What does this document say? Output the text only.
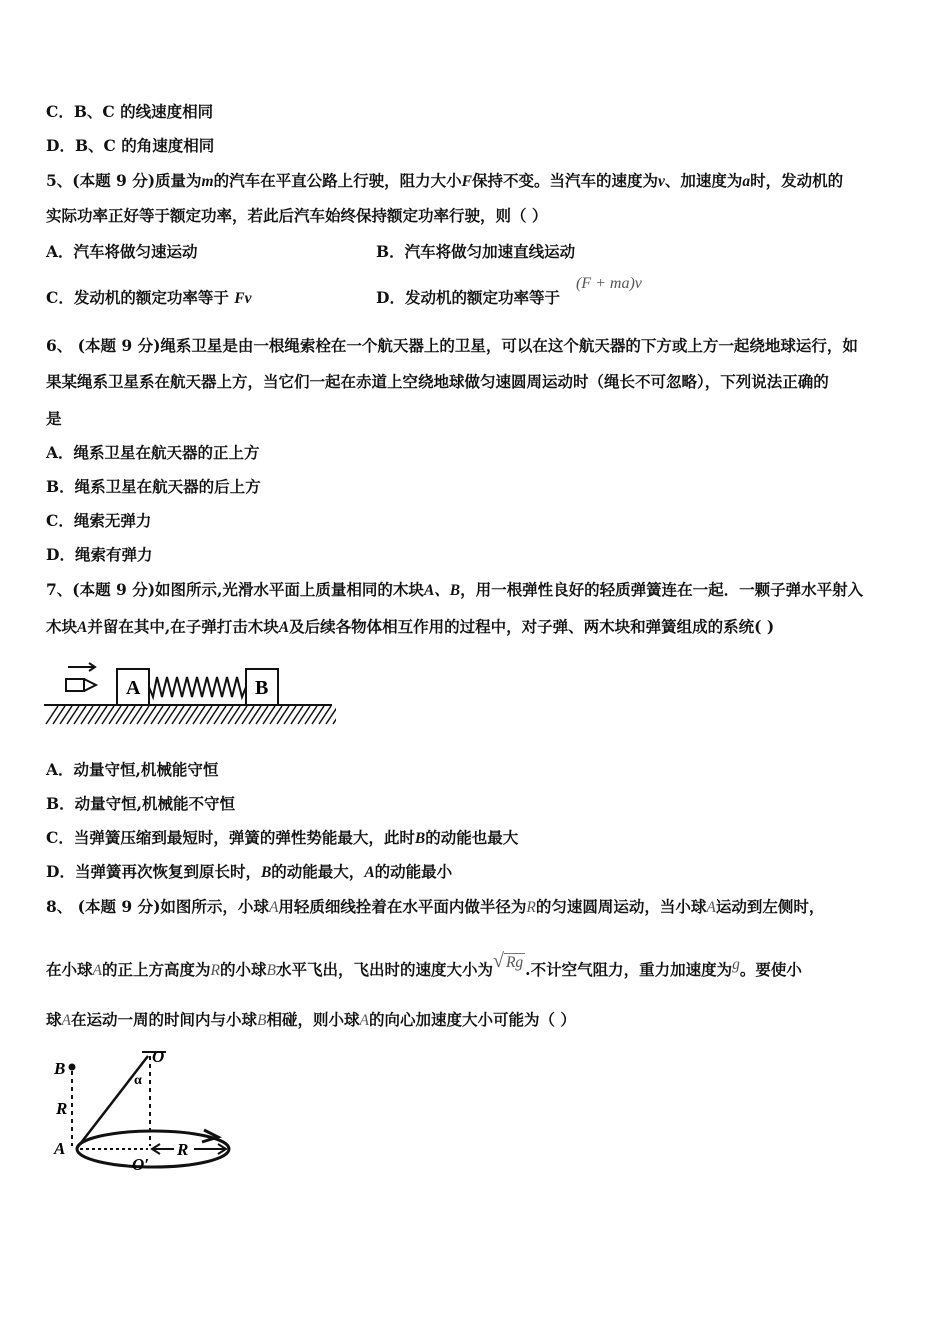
C．B、C 的线速度相同
D．B、C 的角速度相同
5、(本题 9 分)质量为m的汽车在平直公路上行驶，阻力大小F保持不变。当汽车的速度为v、加速度为a时，发动机的
实际功率正好等于额定功率，若此后汽车始终保持额定功率行驶，则（ ）
A．汽车将做匀速运动	B．汽车将做匀加速直线运动
C．发动机的额定功率等于 Fv	D．发动机的额定功率等于
(F + ma)v
6、 (本题 9 分)绳系卫星是由一根绳索栓在一个航天器上的卫星，可以在这个航天器的下方或上方一起绕地球运行，如
果某绳系卫星系在航天器上方，当它们一起在赤道上空绕地球做匀速圆周运动时（绳长不可忽略），下列说法正确的
是
A．绳系卫星在航天器的正上方
B．绳系卫星在航天器的后上方
C．绳索无弹力
D．绳索有弹力
7、(本题 9 分)如图所示,光滑水平面上质量相同的木块A、B，用一根弹性良好的轻质弹簧连在一起．一颗子弹水平射入
木块A并留在其中,在子弹打击木块A及后续各物体相互作用的过程中，对子弹、两木块和弹簧组成的系统( )
A	B
A．动量守恒,机械能守恒
B．动量守恒,机械能不守恒
C．当弹簧压缩到最短时，弹簧的弹性势能最大，此时B的动能也最大
D．当弹簧再次恢复到原长时，B的动能最大，A的动能最小
8、 (本题 9 分)如图所示，小球A用轻质细线拴着在水平面内做半径为R的匀速圆周运动，当小球A运动到左侧时，
在小球A的正上方高度为R的小球B水平飞出，飞出时的速度大小为√ Rg .不计空气阻力，重力加速度为g。要使小
球A在运动一周的时间内与小球B相碰，则小球A的向心加速度大小可能为（ ）
B
R
O
α
A	R
O′
